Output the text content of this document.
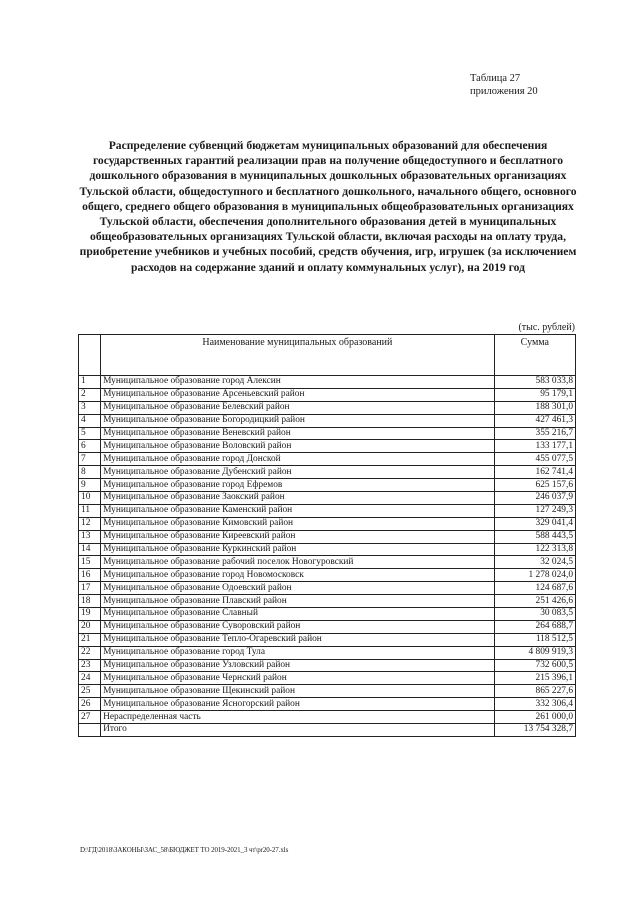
Таблица 27
приложения 20
Распределение субвенций бюджетам муниципальных образований для обеспечения государственных гарантий реализации прав на получение общедоступного и бесплатного дошкольного образования в муниципальных дошкольных образовательных организациях Тульской области, общедоступного и бесплатного дошкольного, начального общего, основного общего, среднего общего образования в муниципальных общеобразовательных организациях Тульской области, обеспечения дополнительного образования детей в муниципальных общеобразовательных организациях Тульской области, включая расходы на оплату труда, приобретение учебников и учебных пособий, средств обучения, игр, игрушек (за исключением расходов на содержание зданий и оплату коммунальных услуг), на 2019 год
(тыс. рублей)
	Наименование муниципальных образований	Сумма
1	Муниципальное образование город Алексин	583 033,8
2	Муниципальное образование Арсеньевский район	95 179,1
3	Муниципальное образование Белевский район	188 301,0
4	Муниципальное образование Богородицкий район	427 461,3
5	Муниципальное образование Веневский район	355 216,7
6	Муниципальное образование Воловский район	133 177,1
7	Муниципальное образование город Донской	455 077,5
8	Муниципальное образование Дубенский район	162 741,4
9	Муниципальное образование город Ефремов	625 157,6
10	Муниципальное образование Заокский район	246 037,9
11	Муниципальное образование Каменский район	127 249,3
12	Муниципальное образование Кимовский район	329 041,4
13	Муниципальное образование Киреевский район	588 443,5
14	Муниципальное образование Куркинский район	122 313,8
15	Муниципальное образование рабочий поселок Новогуровский	32 024,5
16	Муниципальное образование город Новомосковск	1 278 024,0
17	Муниципальное образование Одоевский район	124 687,6
18	Муниципальное образование Плавский район	251 426,6
19	Муниципальное образование Славный	30 083,5
20	Муниципальное образование Суворовский район	264 688,7
21	Муниципальное образование Тепло-Огаревский район	118 512,5
22	Муниципальное образование город Тула	4 809 919,3
23	Муниципальное образование Узловский район	732 600,5
24	Муниципальное образование Чернский район	215 396,1
25	Муниципальное образование Щекинский район	865 227,6
26	Муниципальное образование Ясногорский район	332 306,4
27	Нераспределенная часть	261 000,0
	Итого	13 754 328,7
D:\ГД\2018\ЗАКОНЫ\ЗАС_58\БЮДЖЕТ ТО 2019-2021_3 чт\pr20-27.xls
